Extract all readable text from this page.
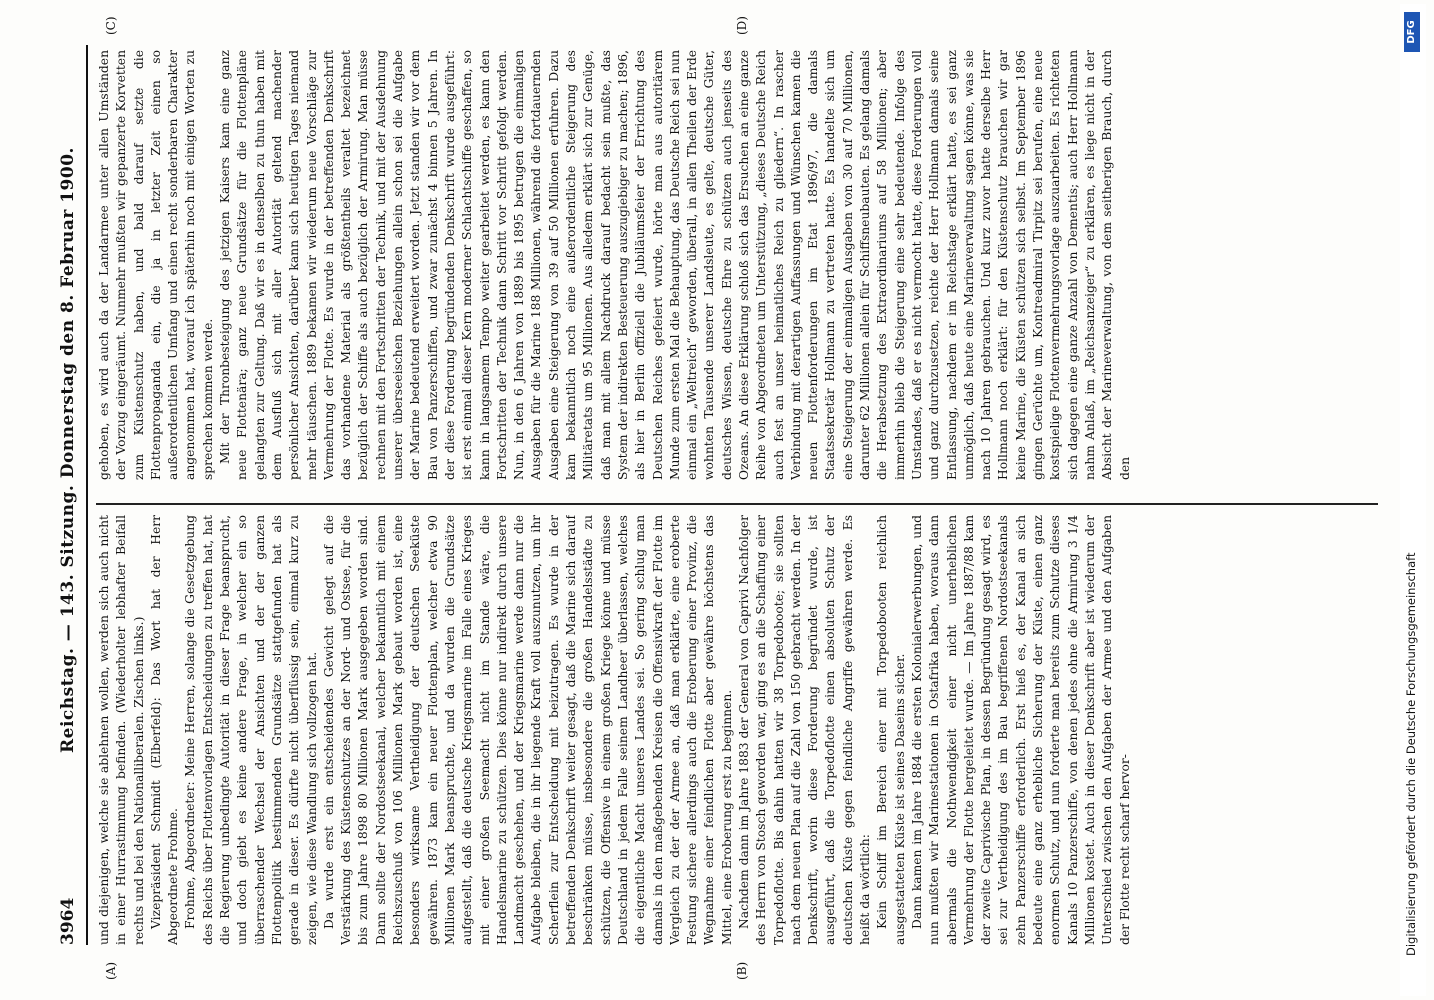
3964
Reichstag. — 143. Sitzung. Donnerstag den 8. Februar 1900.
(A)	(B)
(C)	(D)

und diejenigen, welche sie ablehnen wollen, werden sich auch nicht in einer Hurrastimmung befinden. (Wiederholter lebhafter Beifall rechts und bei den Nationalliberalen. Zischen links.) Vizepräsident Schmidt (Elberfeld): Das Wort hat der Herr Abgeordnete Frohme. Frohme, Abgeordneter: Meine Herren, solange die Gesetzgebung des Reichs über Flottenvorlagen Entscheidungen zu treffen hat, hat die Regierung unbedingte Autorität in dieser Frage beansprucht, und doch giebt es keine andere Frage, in welcher ein so überraschender Wechsel der Ansichten und der der ganzen Flottenpolitik bestimmenden Grundsätze stattgefunden hat als gerade in dieser. Es dürfte nicht überflüssig sein, einmal kurz zu zeigen, wie diese Wandlung sich vollzogen hat. Da wurde erst ein entscheidendes Gewicht gelegt auf die Verstärkung des Küstenschutzes an der Nord- und Ostsee, für die bis zum Jahre 1898 80 Millionen Mark ausgegeben worden sind. Dann sollte der Nordostseekanal, welcher bekanntlich mit einem Reichszuschuß von 106 Millionen Mark gebaut worden ist, eine besonders wirksame Vertheidigung der deutschen Seeküste gewähren. 1873 kam ein neuer Flottenplan, welcher etwa 90 Millionen Mark beanspruchte, und da wurden die Grundsätze aufgestellt, daß die deutsche Kriegsmarine im Falle eines Krieges mit einer großen Seemacht nicht im Stande wäre, die Handelsmarine zu schützen. Dies könne nur indirekt durch unsere Landmacht geschehen, und der Kriegsmarine werde dann nur die Aufgabe bleiben, die in ihr liegende Kraft voll auszunutzen, um ihr Scherflein zur Entscheidung mit beizutragen. Es wurde in der betreffenden Denkschrift weiter gesagt, daß die Marine sich darauf beschränken müsse, insbesondere die großen Handelsstädte zu schützen, die Offensive in einem großen Kriege könne und müsse Deutschland in jedem Falle seinem Landheer überlassen, welches die eigentliche Macht unseres Landes sei. So gering schlug man damals in den maßgebenden Kreisen die Offensivkraft der Flotte im Vergleich zu der der Armee an, daß man erklärte, eine eroberte Festung sichere allerdings auch die Eroberung einer Provinz, die Wegnahme einer feindlichen Flotte aber gewähre höchstens das Mittel, eine Eroberung erst zu beginnen. Nachdem dann im Jahre 1883 der General von Caprivi Nachfolger des Herrn von Stosch geworden war, ging es an die Schaffung einer Torpedoflotte. Bis dahin hatten wir 38 Torpedoboote; sie sollten nach dem neuen Plan auf die Zahl von 150 gebracht werden. In der Denkschrift, worin diese Forderung begründet wurde, ist ausgeführt, daß die Torpedoflotte einen absoluten Schutz der deutschen Küste gegen feindliche Angriffe gewähren werde. Es heißt da wörtlich: Kein Schiff im Bereich einer mit Torpedobooten reichlich ausgestatteten Küste ist seines Daseins sicher. Dann kamen im Jahre 1884 die ersten Kolonialerwerbungen, und nun mußten wir Marinestationen in Ostafrika haben, woraus dann abermals die Nothwendigkeit einer nicht unerheblichen Vermehrung der Flotte hergeleitet wurde. — Im Jahre 1887/88 kam der zweite Caprivische Plan, in dessen Begründung gesagt wird, es sei zur Vertheidigung des im Bau begriffenen Nordostseekanals zehn Panzerschiffe erforderlich. Erst hieß es, der Kanal an sich bedeute eine ganz erhebliche Sicherung der Küste, einen ganz enormen Schutz, und nun forderte man bereits zum Schutze dieses Kanals 10 Panzerschiffe, von denen jedes ohne die Armirung 3 1/4 Millionen kostet. Auch in dieser Denkschrift aber ist wiederum der Unterschied zwischen den Aufgaben der Armee und den Aufgaben der Flotte recht scharf hervor-

gehoben, es wird auch da der Landarmee unter allen Umständen der Vorzug eingeräumt. Nunmehr mußten wir gepanzerte Korvetten zum Küstenschutz haben, und bald darauf setzte die Flottenpropaganda ein, die ja in letzter Zeit einen so außerordentlichen Umfang und einen recht sonderbaren Charakter angenommen hat, worauf ich späterhin noch mit einigen Worten zu sprechen kommen werde. Mit der Thronbesteigung des jetzigen Kaisers kam eine ganz neue Flottenära; ganz neue Grundsätze für die Flottenpläne gelangten zur Geltung. Daß wir es in denselben zu thun haben mit dem Ausfluß sich mit aller Autorität geltend machender persönlicher Ansichten, darüber kann sich heutigen Tages niemand mehr täuschen. 1889 bekamen wir wiederum neue Vorschläge zur Vermehrung der Flotte. Es wurde in der betreffenden Denkschrift das vorhandene Material als größtentheils veraltet bezeichnet bezüglich der Schiffe als auch bezüglich der Armirung. Man müsse rechnen mit den Fortschritten der Technik, und mit der Ausdehnung unserer überseeischen Beziehungen allein schon sei die Aufgabe der Marine bedeutend erweitert worden. Jetzt standen wir vor dem Bau von Panzerschiffen, und zwar zunächst 4 binnen 5 Jahren. In der diese Forderung begründenden Denkschrift wurde ausgeführt: ist erst einmal dieser Kern moderner Schlachtschiffe geschaffen, so kann in langsamem Tempo weiter gearbeitet werden, es kann den Fortschritten der Technik dann Schritt vor Schritt gefolgt werden. Nun, in den 6 Jahren von 1889 bis 1895 betrugen die einmaligen Ausgaben für die Marine 188 Millionen, während die fortdauernden Ausgaben eine Steigerung von 39 auf 50 Millionen erfuhren. Dazu kam bekanntlich noch eine außerordentliche Steigerung des Militäretats um 95 Millionen. Aus alledem erklärt sich zur Genüge, daß man mit allem Nachdruck darauf bedacht sein mußte, das System der indirekten Besteuerung auszugiebiger zu machen; 1896, als hier in Berlin offiziell die Jubiläumsfeier der Errichtung des Deutschen Reiches gefeiert wurde, hörte man aus autoritärem Munde zum ersten Mal die Behauptung, das Deutsche Reich sei nun einmal ein „Weltreich“ geworden, überall, in allen Theilen der Erde wohnten Tausende unserer Landsleute, es gelte, deutsche Güter, deutsches Wissen, deutsche Ehre zu schützen auch jenseits des Ozeans. An diese Erklärung schloß sich das Ersuchen an eine ganze Reihe von Abgeordneten um Unterstützung, „dieses Deutsche Reich auch fest an unser heimatliches Reich zu gliedern“. In rascher Verbindung mit derartigen Auffassungen und Wünschen kamen die neuen Flottenforderungen im Etat 1896/97, die damals Staatssekretär Hollmann zu vertreten hatte. Es handelte sich um eine Steigerung der einmaligen Ausgaben von 30 auf 70 Millionen, darunter 62 Millionen allein für Schiffsneubauten. Es gelang damals die Herabsetzung des Extraordinariums auf 58 Millionen; aber immerhin blieb die Steigerung eine sehr bedeutende. Infolge des Umstandes, daß er es nicht vermocht hatte, diese Forderungen voll und ganz durchzusetzen, reichte der Herr Hollmann damals seine Entlassung, nachdem er im Reichstage erklärt hatte, es sei ganz unmöglich, daß heute eine Marineverwaltung sagen könne, was sie nach 10 Jahren gebrauchen. Und kurz zuvor hatte derselbe Herr Hollmann noch erklärt: für den Küstenschutz brauchen wir gar keine Marine, die Küsten schützen sich selbst. Im September 1896 gingen Gerüchte um, Kontreadmiral Tirpitz sei berufen, eine neue kostspielige Flottenvermehrungsvorlage auszuarbeiten. Es richteten sich dagegen eine ganze Anzahl von Dementis; auch Herr Hollmann nahm Anlaß, im „Reichsanzeiger“ zu erklären, es liege nicht in der Absicht der Marineverwaltung, von dem seitherigen Brauch, durch den

Digitalisierung gefördert durch die Deutsche Forschungsgemeinschaft
DFG
